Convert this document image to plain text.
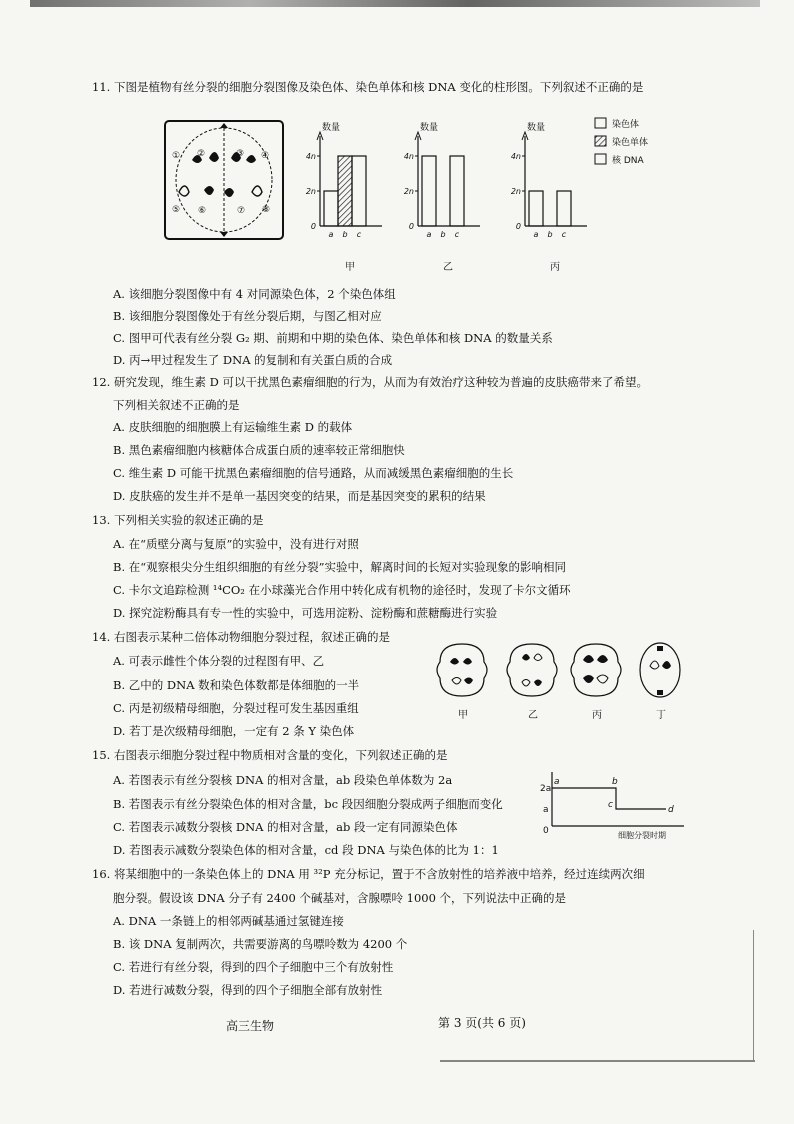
11. 下图是植物有丝分裂的细胞分裂图像及染色体、染色单体和核 DNA 变化的柱形图。下列叙述不正确的是
① ②	③ ④
⑤ ⑥	⑦ ⑧
数量
4n
2n
0
a b c
甲
数量
4n
2n
0
a b c
乙
数量
4n
2n
0
a b c
丙
染色体
染色单体
核 DNA
A. 该细胞分裂图像中有 4 对同源染色体，2 个染色体组
B. 该细胞分裂图像处于有丝分裂后期，与图乙相对应
C. 图甲可代表有丝分裂 G₂ 期、前期和中期的染色体、染色单体和核 DNA 的数量关系
D. 丙→甲过程发生了 DNA 的复制和有关蛋白质的合成
12. 研究发现，维生素 D 可以干扰黑色素瘤细胞的行为，从而为有效治疗这种较为普遍的皮肤癌带来了希望。
下列相关叙述不正确的是
A. 皮肤细胞的细胞膜上有运输维生素 D 的载体
B. 黑色素瘤细胞内核糖体合成蛋白质的速率较正常细胞快
C. 维生素 D 可能干扰黑色素瘤细胞的信号通路，从而减缓黑色素瘤细胞的生长
D. 皮肤癌的发生并不是单一基因突变的结果，而是基因突变的累积的结果
13. 下列相关实验的叙述正确的是
A. 在“质壁分离与复原”的实验中，没有进行对照
B. 在“观察根尖分生组织细胞的有丝分裂”实验中，解离时间的长短对实验现象的影响相同
C. 卡尔文追踪检测 ¹⁴CO₂ 在小球藻光合作用中转化成有机物的途径时，发现了卡尔文循环
D. 探究淀粉酶具有专一性的实验中，可选用淀粉、淀粉酶和蔗糖酶进行实验
14. 右图表示某种二倍体动物细胞分裂过程，叙述正确的是
A. 可表示雌性个体分裂的过程图有甲、乙
B. 乙中的 DNA 数和染色体数都是体细胞的一半
C. 丙是初级精母细胞，分裂过程可发生基因重组
D. 若丁是次级精母细胞，一定有 2 条 Y 染色体
甲	乙	丙	丁
15. 右图表示细胞分裂过程中物质相对含量的变化，下列叙述正确的是
A. 若图表示有丝分裂核 DNA 的相对含量，ab 段染色单体数为 2a
B. 若图表示有丝分裂染色体的相对含量，bc 段因细胞分裂成两子细胞而变化
C. 若图表示减数分裂核 DNA 的相对含量，ab 段一定有同源染色体
D. 若图表示减数分裂染色体的相对含量，cd 段 DNA 与染色体的比为 1：1
2a
a
0
a	b
c	d
细胞分裂时期
16. 将某细胞中的一条染色体上的 DNA 用 ³²P 充分标记，置于不含放射性的培养液中培养，经过连续两次细
胞分裂。假设该 DNA 分子有 2400 个碱基对，含腺嘌呤 1000 个，下列说法中正确的是
A. DNA 一条链上的相邻两碱基通过氢键连接
B. 该 DNA 复制两次，共需要游离的鸟嘌呤数为 4200 个
C. 若进行有丝分裂，得到的四个子细胞中三个有放射性
D. 若进行减数分裂，得到的四个子细胞全部有放射性
高三生物	第 3 页(共 6 页)
